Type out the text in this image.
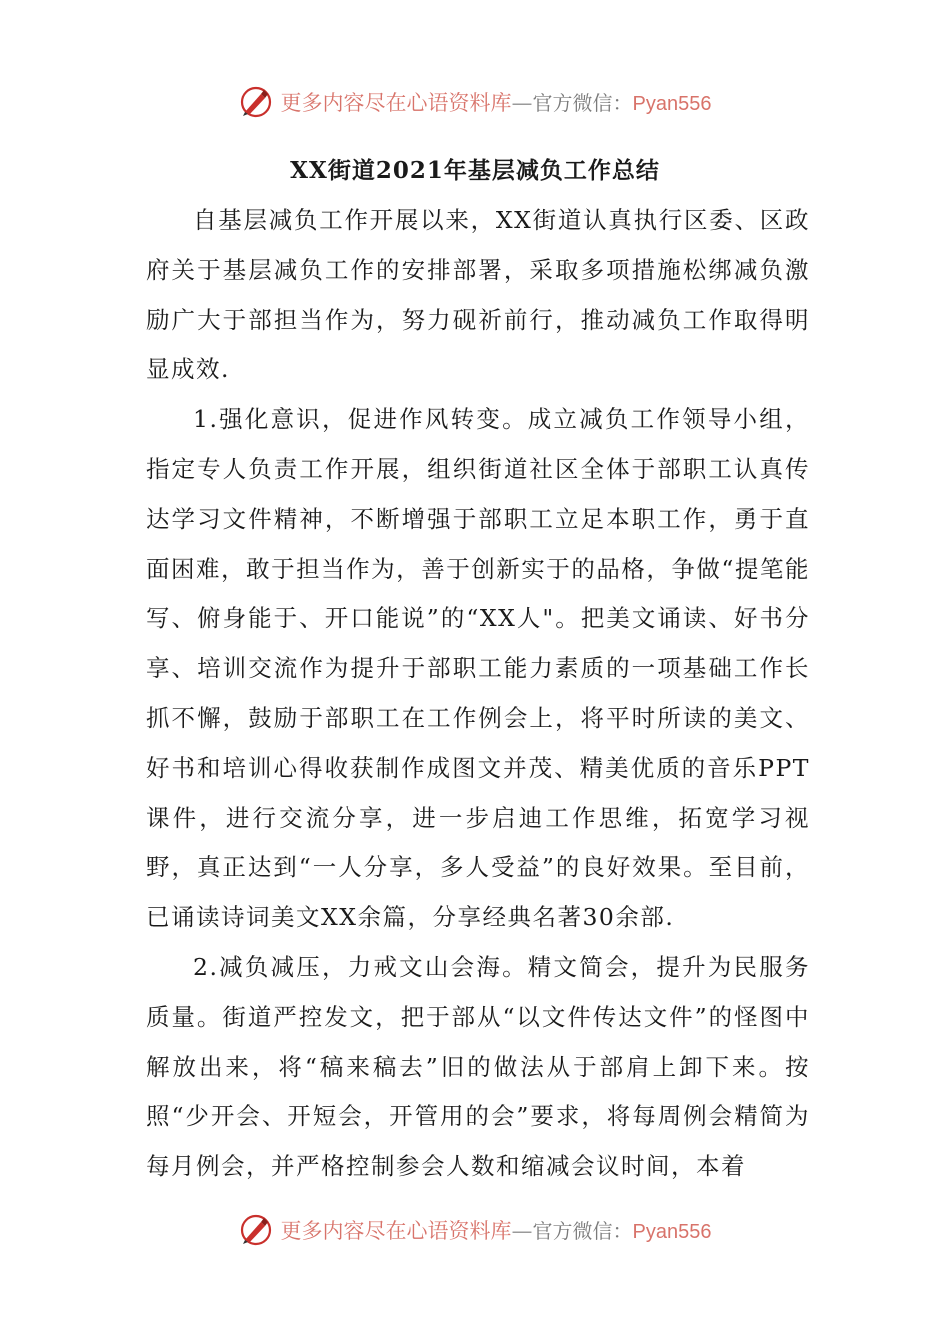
更多内容尽在心语资料库 — 官方微信： Pyan556
XX街道2021年基层减负工作总结

自基层减负工作开展以来，XX街道认真执行区委、区政府关于基层减负工作的安排部署，采取多项措施松绑减负激励广大于部担当作为，努力砚祈前行，推动减负工作取得明显成效.

1.强化意识，促进作风转变。成立减负工作领导小组，指定专人负责工作开展，组织街道社区全体于部职工认真传达学习文件精神，不断增强于部职工立足本职工作，勇于直面困难，敢于担当作为，善于创新实于的品格，争做“提笔能写、俯身能于、开口能说”的“XX人"。把美文诵读、好书分享、培训交流作为提升于部职工能力素质的一项基础工作长抓不懈，鼓励于部职工在工作例会上，将平时所读的美文、好书和培训心得收获制作成图文并茂、精美优质的音乐PPT课件，进行交流分享，进一步启迪工作思维，拓宽学习视野，真正达到“一人分享，多人受益”的良好效果。至目前，已诵读诗词美文XX余篇，分享经典名著30余部.

2.减负减压，力戒文山会海。精文简会，提升为民服务质量。街道严控发文，把于部从“以文件传达文件”的怪图中解放出来，将“稿来稿去”旧的做法从于部肩上卸下来。按照“少开会、开短会，开管用的会”要求，将每周例会精简为每月例会，并严格控制参会人数和缩减会议时间，本着

更多内容尽在心语资料库 — 官方微信： Pyan556
